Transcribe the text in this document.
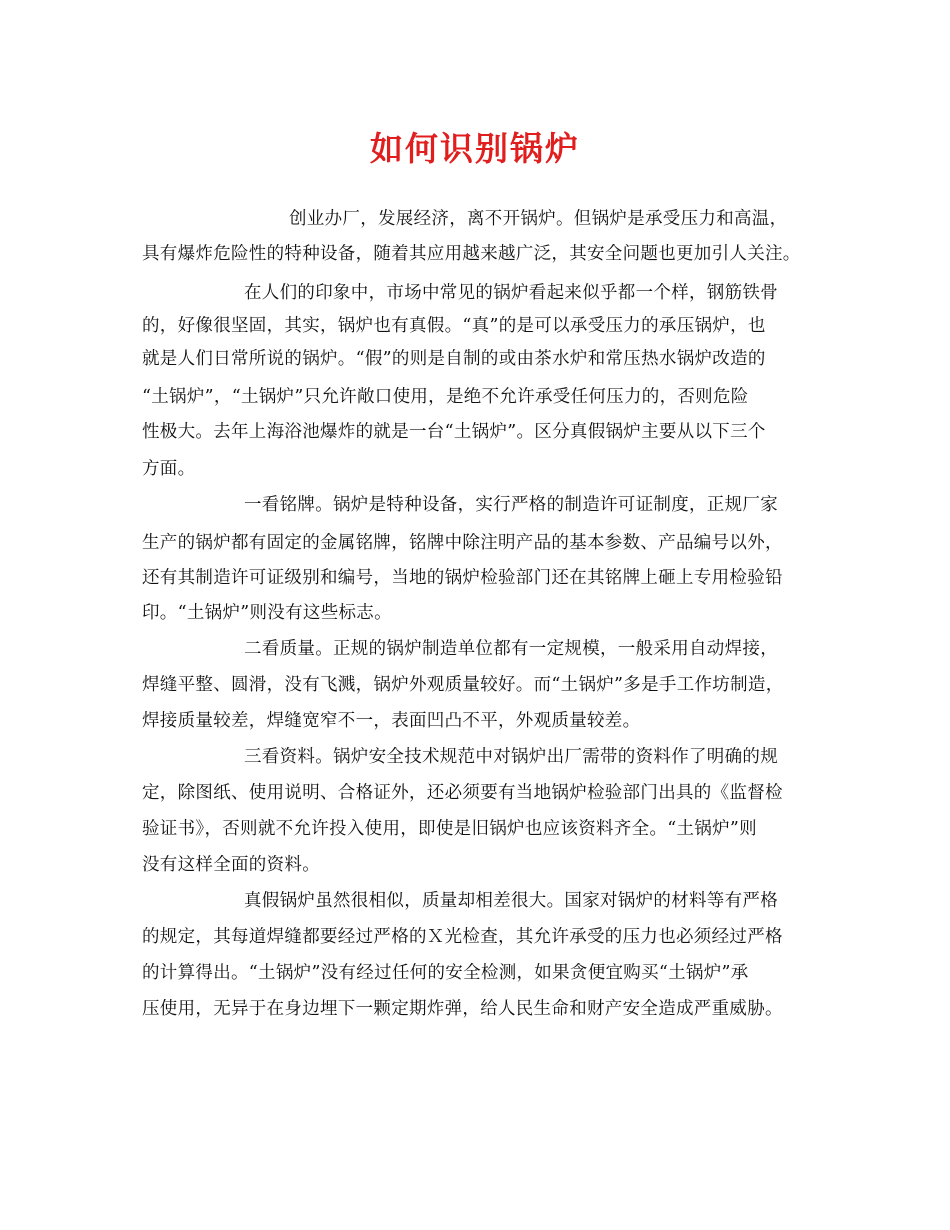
如何识别锅炉
创业办厂，发展经济，离不开锅炉。但锅炉是承受压力和高温，
具有爆炸危险性的特种设备，随着其应用越来越广泛，其安全问题也更加引人关注。
在人们的印象中，市场中常见的锅炉看起来似乎都一个样，钢筋铁骨
的，好像很坚固，其实，锅炉也有真假。“真”的是可以承受压力的承压锅炉，也
就是人们日常所说的锅炉。“假”的则是自制的或由茶水炉和常压热水锅炉改造的
“土锅炉”，“土锅炉”只允许敞口使用，是绝不允许承受任何压力的，否则危险
性极大。去年上海浴池爆炸的就是一台“土锅炉”。区分真假锅炉主要从以下三个
方面。
一看铭牌。锅炉是特种设备，实行严格的制造许可证制度，正规厂家
生产的锅炉都有固定的金属铭牌，铭牌中除注明产品的基本参数、产品编号以外，
还有其制造许可证级别和编号，当地的锅炉检验部门还在其铭牌上砸上专用检验铅
印。“土锅炉”则没有这些标志。
二看质量。正规的锅炉制造单位都有一定规模，一般采用自动焊接，
焊缝平整、圆滑，没有飞溅，锅炉外观质量较好。而“土锅炉”多是手工作坊制造，
焊接质量较差，焊缝宽窄不一，表面凹凸不平，外观质量较差。
三看资料。锅炉安全技术规范中对锅炉出厂需带的资料作了明确的规
定，除图纸、使用说明、合格证外，还必须要有当地锅炉检验部门出具的《监督检
验证书》，否则就不允许投入使用，即使是旧锅炉也应该资料齐全。“土锅炉”则
没有这样全面的资料。
真假锅炉虽然很相似，质量却相差很大。国家对锅炉的材料等有严格
的规定，其每道焊缝都要经过严格的Ｘ光检查，其允许承受的压力也必须经过严格
的计算得出。“土锅炉”没有经过任何的安全检测，如果贪便宜购买“土锅炉”承
压使用，无异于在身边埋下一颗定期炸弹，给人民生命和财产安全造成严重威胁。
